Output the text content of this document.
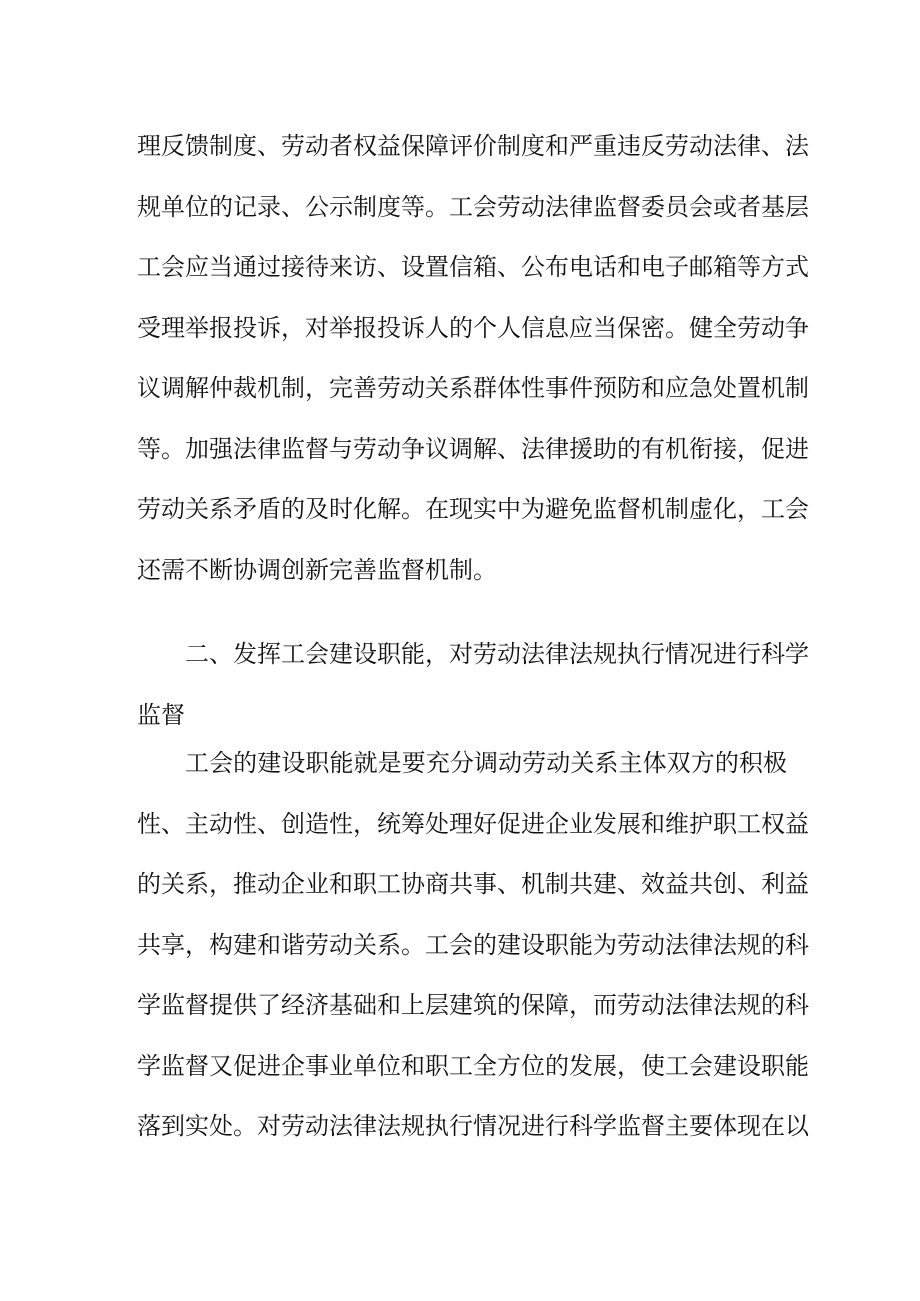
理反馈制度、劳动者权益保障评价制度和严重违反劳动法律、法
规单位的记录、公示制度等。工会劳动法律监督委员会或者基层
工会应当通过接待来访、设置信箱、公布电话和电子邮箱等方式
受理举报投诉，对举报投诉人的个人信息应当保密。健全劳动争
议调解仲裁机制，完善劳动关系群体性事件预防和应急处置机制
等。加强法律监督与劳动争议调解、法律援助的有机衔接，促进
劳动关系矛盾的及时化解。在现实中为避免监督机制虚化，工会
还需不断协调创新完善监督机制。
二、发挥工会建设职能，对劳动法律法规执行情况进行科学
监督
工会的建设职能就是要充分调动劳动关系主体双方的积极
性、主动性、创造性，统筹处理好促进企业发展和维护职工权益
的关系，推动企业和职工协商共事、机制共建、效益共创、利益
共享，构建和谐劳动关系。工会的建设职能为劳动法律法规的科
学监督提供了经济基础和上层建筑的保障，而劳动法律法规的科
学监督又促进企事业单位和职工全方位的发展，使工会建设职能
落到实处。对劳动法律法规执行情况进行科学监督主要体现在以
